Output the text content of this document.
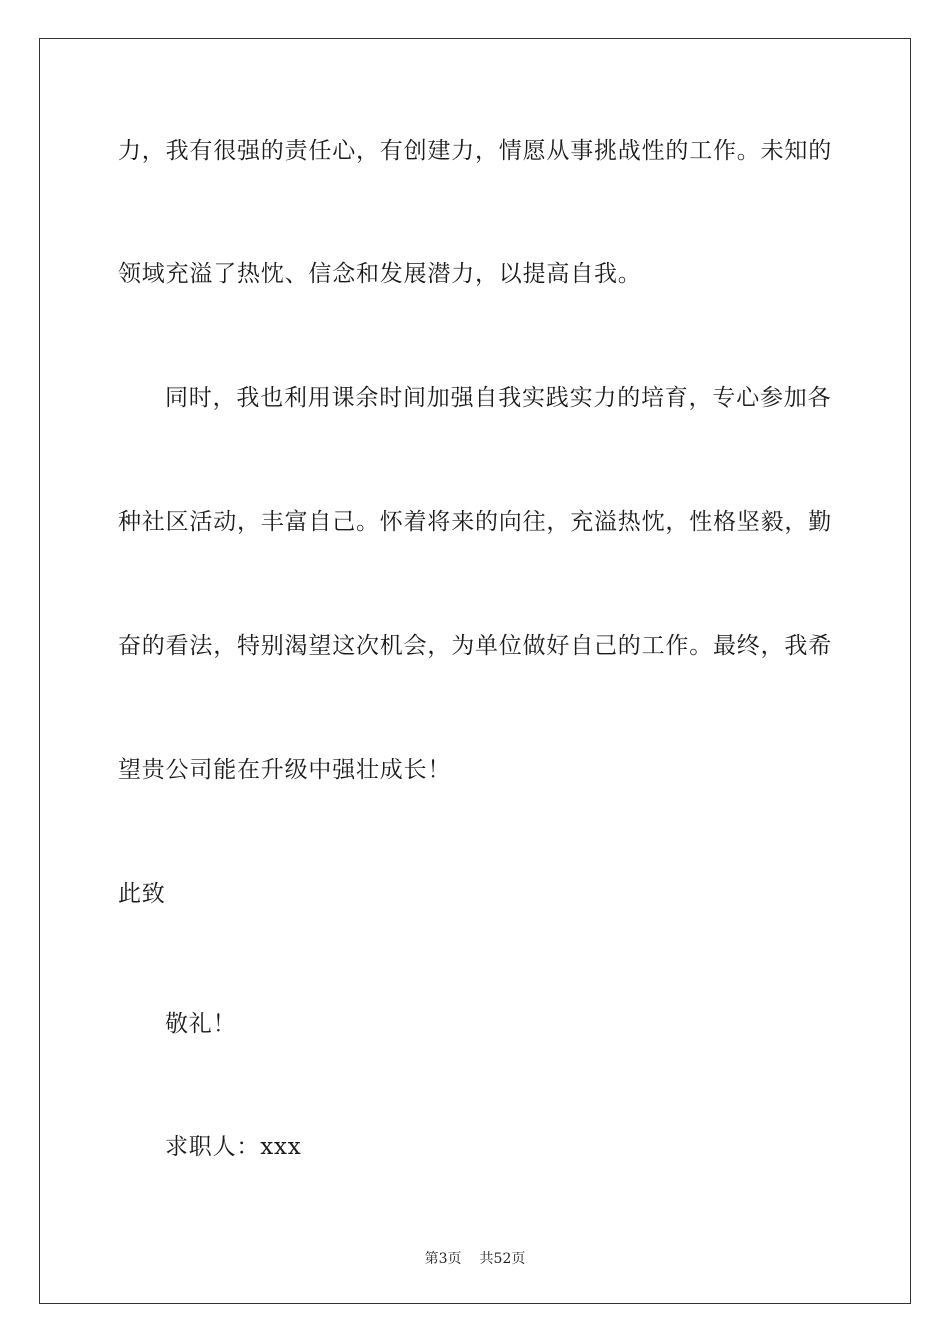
力，我有很强的责任心，有创建力，情愿从事挑战性的工作。未知的
领域充溢了热忱、信念和发展潜力，以提高自我。
同时，我也利用课余时间加强自我实践实力的培育，专心参加各
种社区活动，丰富自己。怀着将来的向往，充溢热忱，性格坚毅，勤
奋的看法，特别渴望这次机会，为单位做好自己的工作。最终，我希
望贵公司能在升级中强壮成长！
此致
敬礼！
求职人：xxx
第3页 共52页
